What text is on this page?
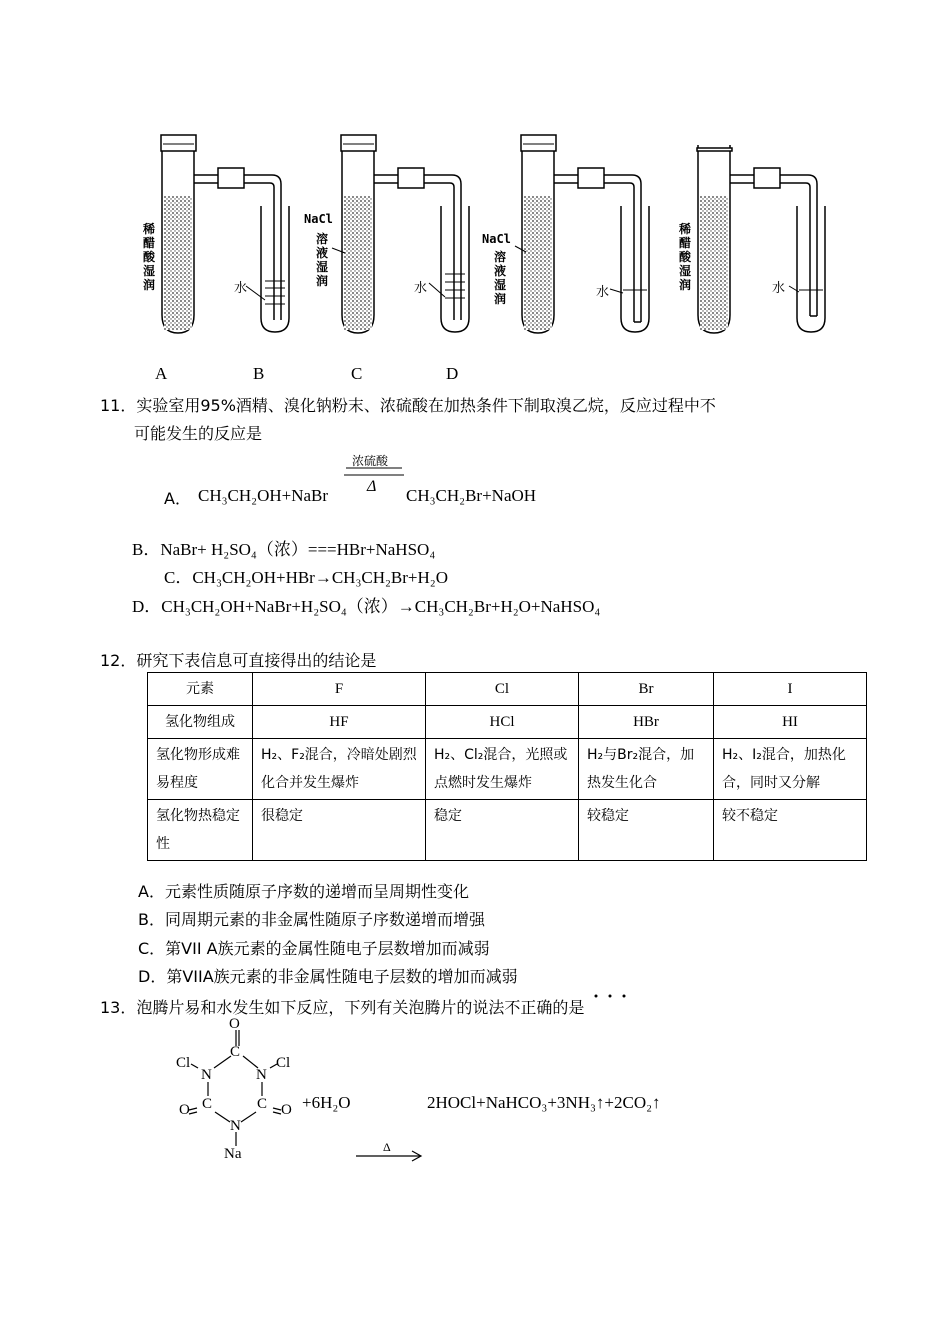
稀醋酸湿润
NaCl
溶液湿润
NaCl
溶液湿润
稀醋酸湿润
水	水	水	水
A	B	C	D
11．实验室用95%酒精、溴化钠粉末、浓硫酸在加热条件下制取溴乙烷，反应过程中不
可能发生的反应是
浓硫酸
Δ
A． CH₃CH₂OH+NaBr	CH₃CH₂Br+NaOH
B．NaBr+ H₂SO₄（浓）===HBr+NaHSO₄
C．CH₃CH₂OH+HBr→CH₃CH₂Br+H₂O
D．CH₃CH₂OH+NaBr+H₂SO₄（浓）→CH₃CH₂Br+H₂O+NaHSO₄
12．研究下表信息可直接得出的结论是
元素	F	Cl	Br	I
氢化物组成	HF	HCl	HBr	HI
氢化物形成难易程度	H₂、F₂混合，冷暗处剧烈化合并发生爆炸	H₂、Cl₂混合，光照或点燃时发生爆炸	H₂与Br₂混合，加热发生化合	H₂、I₂混合，加热化合，同时又分解
氢化物热稳定性	很稳定	稳定	较稳定	较不稳定
A．元素性质随原子序数的递增而呈周期性变化
B．同周期元素的非金属性随原子序数递增而增强
C．第VII A族元素的金属性随电子层数增加而减弱
D．第VIIA族元素的非金属性随电子层数的增加而减弱
13．泡腾片易和水发生如下反应，下列有关泡腾片的说法不正确的是
O
C
Cl
N	N
Cl
O C	C O
N
Na
+6H₂O	2HOCl+NaHCO₃+3NH₃↑+2CO₂↑
Δ
